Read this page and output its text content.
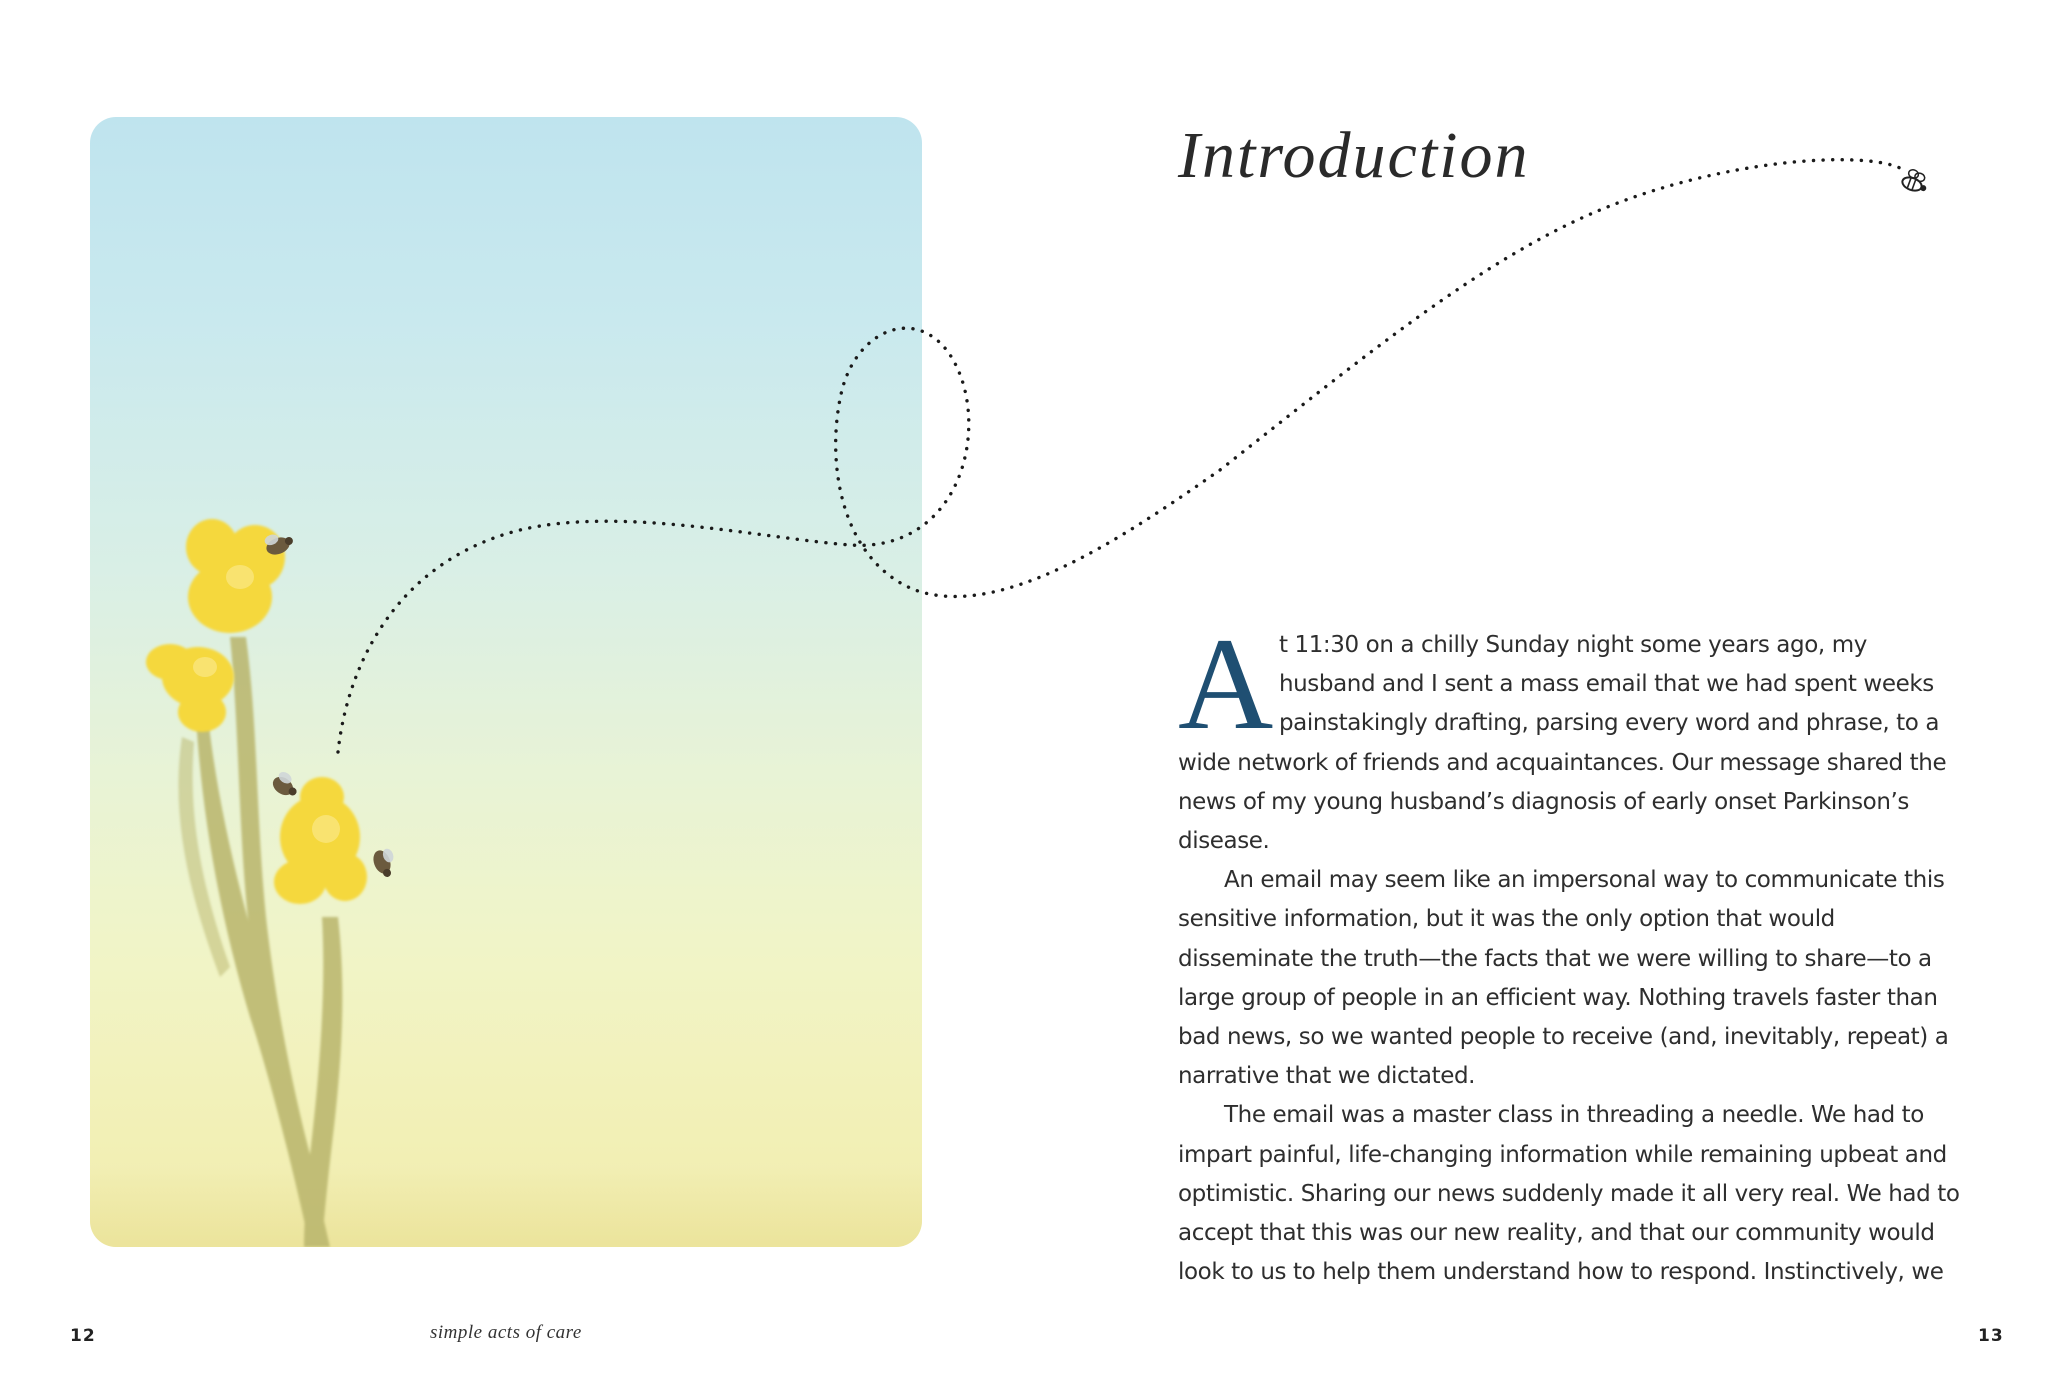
Introduction

At 11:30 on a chilly Sunday night some years ago, my husband and I sent a mass email that we had spent weeks painstakingly drafting, parsing every word and phrase, to a wide network of friends and acquaintances. Our message shared the news of my young husband’s diagnosis of early onset Parkinson’s disease.

An email may seem like an impersonal way to communicate this sensitive information, but it was the only option that would disseminate the truth—the facts that we were willing to share—to a large group of people in an efficient way. Nothing travels faster than bad news, so we wanted people to receive (and, inevitably, repeat) a narrative that we dictated.

The email was a master class in threading a needle. We had to impart painful, life-changing information while remaining upbeat and optimistic. Sharing our news suddenly made it all very real. We had to accept that this was our new reality, and that our community would look to us to help them understand how to respond. Instinctively, we

12	simple acts of care	13
